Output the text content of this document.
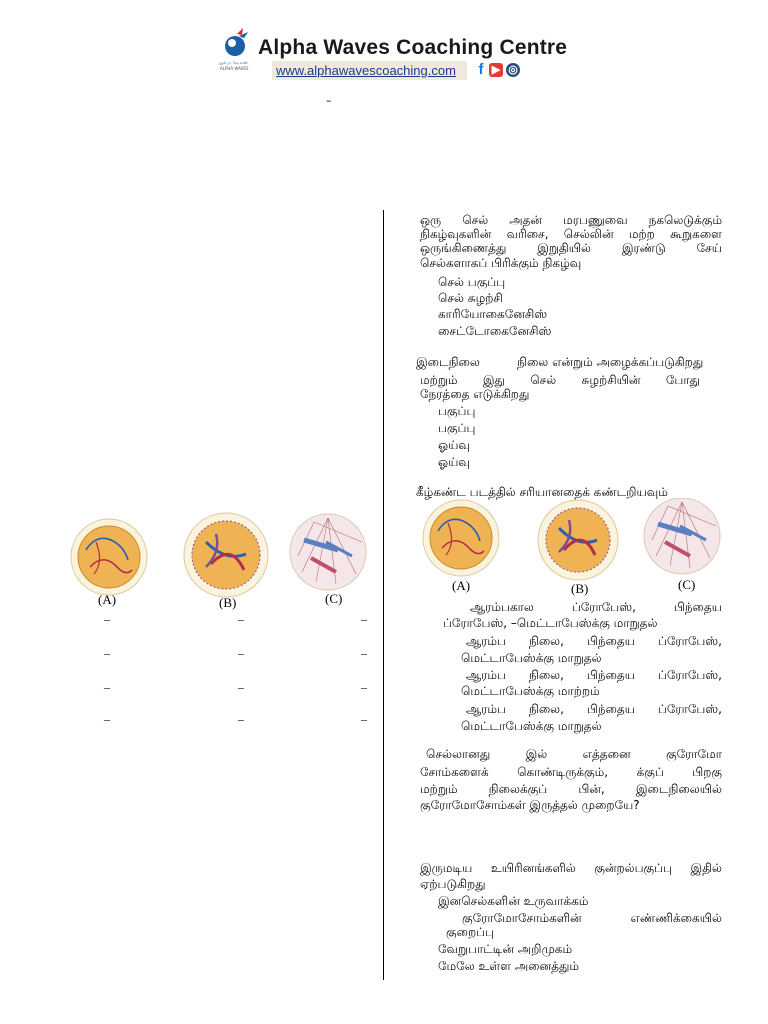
ஆல்பா வேவ்ஸ்
ALPHA WAVES
Alpha Waves Coaching Centre
www.alphawavescoaching.com	f ▶ ◎
–
(A)	(B)	(C)
–	–	–
–	–	–
–	–	–
–	–	–
ஒரு செல் அதன் மரபணுவை நகலெடுக்கும்
நிகழ்வுகளின் வரிசை, செல்லின் மற்ற கூறுகளை
ஒருங்கிணைத்து இறுதியில் இரண்டு சேய்
செல்களாகப் பிரிக்கும் நிகழ்வு
செல் பகுப்பு
செல் சுழற்சி
காரியோகைனேசிஸ்
சைட்டோகைனேசிஸ்
இடைநிலை	நிலை என்றும் அழைக்கப்படுகிறது
மற்றும் இது செல் சுழற்சியின் போது
நேரத்தை எடுக்கிறது
பகுப்பு
பகுப்பு
ஓய்வு
ஓய்வு
கீழ்கண்ட படத்தில் சரியானதைக் கண்டறியவும்
(A)	(B)	(C)
ஆரம்பகால ப்ரோபேஸ், பிந்தைய
ப்ரோபேஸ், –மெட்டாபேஸ்க்கு மாறுதல்
ஆரம்ப நிலை, பிந்தைய ப்ரோபேஸ்,
மெட்டாபேஸ்க்கு மாறுதல்
ஆரம்ப நிலை, பிந்தைய ப்ரோபேஸ்,
மெட்டாபேஸ்க்கு மாற்றம்
ஆரம்ப நிலை, பிந்தைய ப்ரோபேஸ்,
மெட்டாபேஸ்க்கு மாறுதல்
செல்லானது இல் எத்தனை குரோமோ
சோம்களைக் கொண்டிருக்கும், க்குப் பிறகு
மற்றும் நிலைக்குப் பின், இடைநிலையில்
குரோமோசோம்கள் இருத்தல் முறையே?
இருமடிய உயிரினங்களில் குன்றல்பகுப்பு இதில்
ஏற்படுகிறது
இனசெல்களின் உருவாக்கம்
குரோமோசோம்களின் எண்ணிக்கையில்
குறைப்பு
வேறுபாட்டின் அறிமுகம்
மேலே உள்ள அனைத்தும்
